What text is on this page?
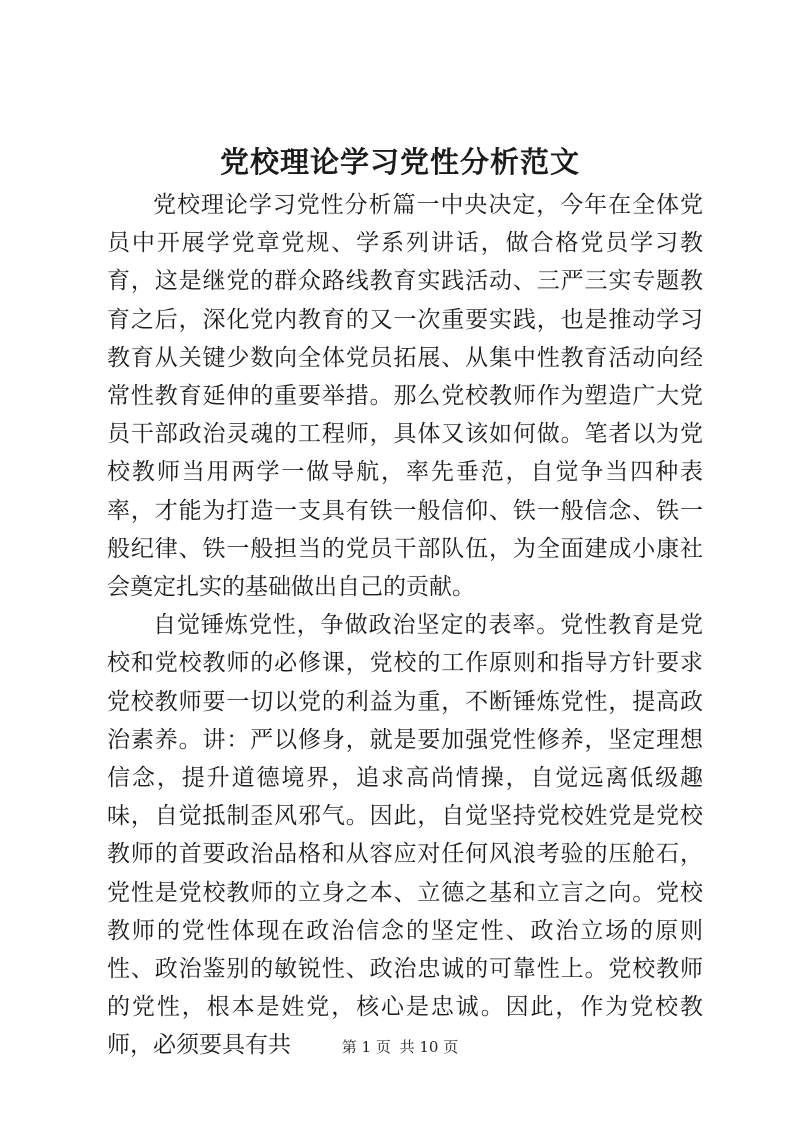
党校理论学习党性分析范文

党校理论学习党性分析篇一中央决定，今年在全体党员中开展学党章党规、学系列讲话，做合格党员学习教育，这是继党的群众路线教育实践活动、三严三实专题教育之后，深化党内教育的又一次重要实践，也是推动学习教育从关键少数向全体党员拓展、从集中性教育活动向经常性教育延伸的重要举措。那么党校教师作为塑造广大党员干部政治灵魂的工程师，具体又该如何做。笔者以为党校教师当用两学一做导航，率先垂范，自觉争当四种表率，才能为打造一支具有铁一般信仰、铁一般信念、铁一般纪律、铁一般担当的党员干部队伍，为全面建成小康社会奠定扎实的基础做出自己的贡献。

自觉锤炼党性，争做政治坚定的表率。党性教育是党校和党校教师的必修课，党校的工作原则和指导方针要求党校教师要一切以党的利益为重，不断锤炼党性，提高政治素养。讲：严以修身，就是要加强党性修养，坚定理想信念，提升道德境界，追求高尚情操，自觉远离低级趣味，自觉抵制歪风邪气。因此，自觉坚持党校姓党是党校教师的首要政治品格和从容应对任何风浪考验的压舱石，党性是党校教师的立身之本、立德之基和立言之向。党校教师的党性体现在政治信念的坚定性、政治立场的原则性、政治鉴别的敏锐性、政治忠诚的可靠性上。党校教师的党性，根本是姓党，核心是忠诚。因此，作为党校教师，必须要具有共	第 1 页 共 10 页
